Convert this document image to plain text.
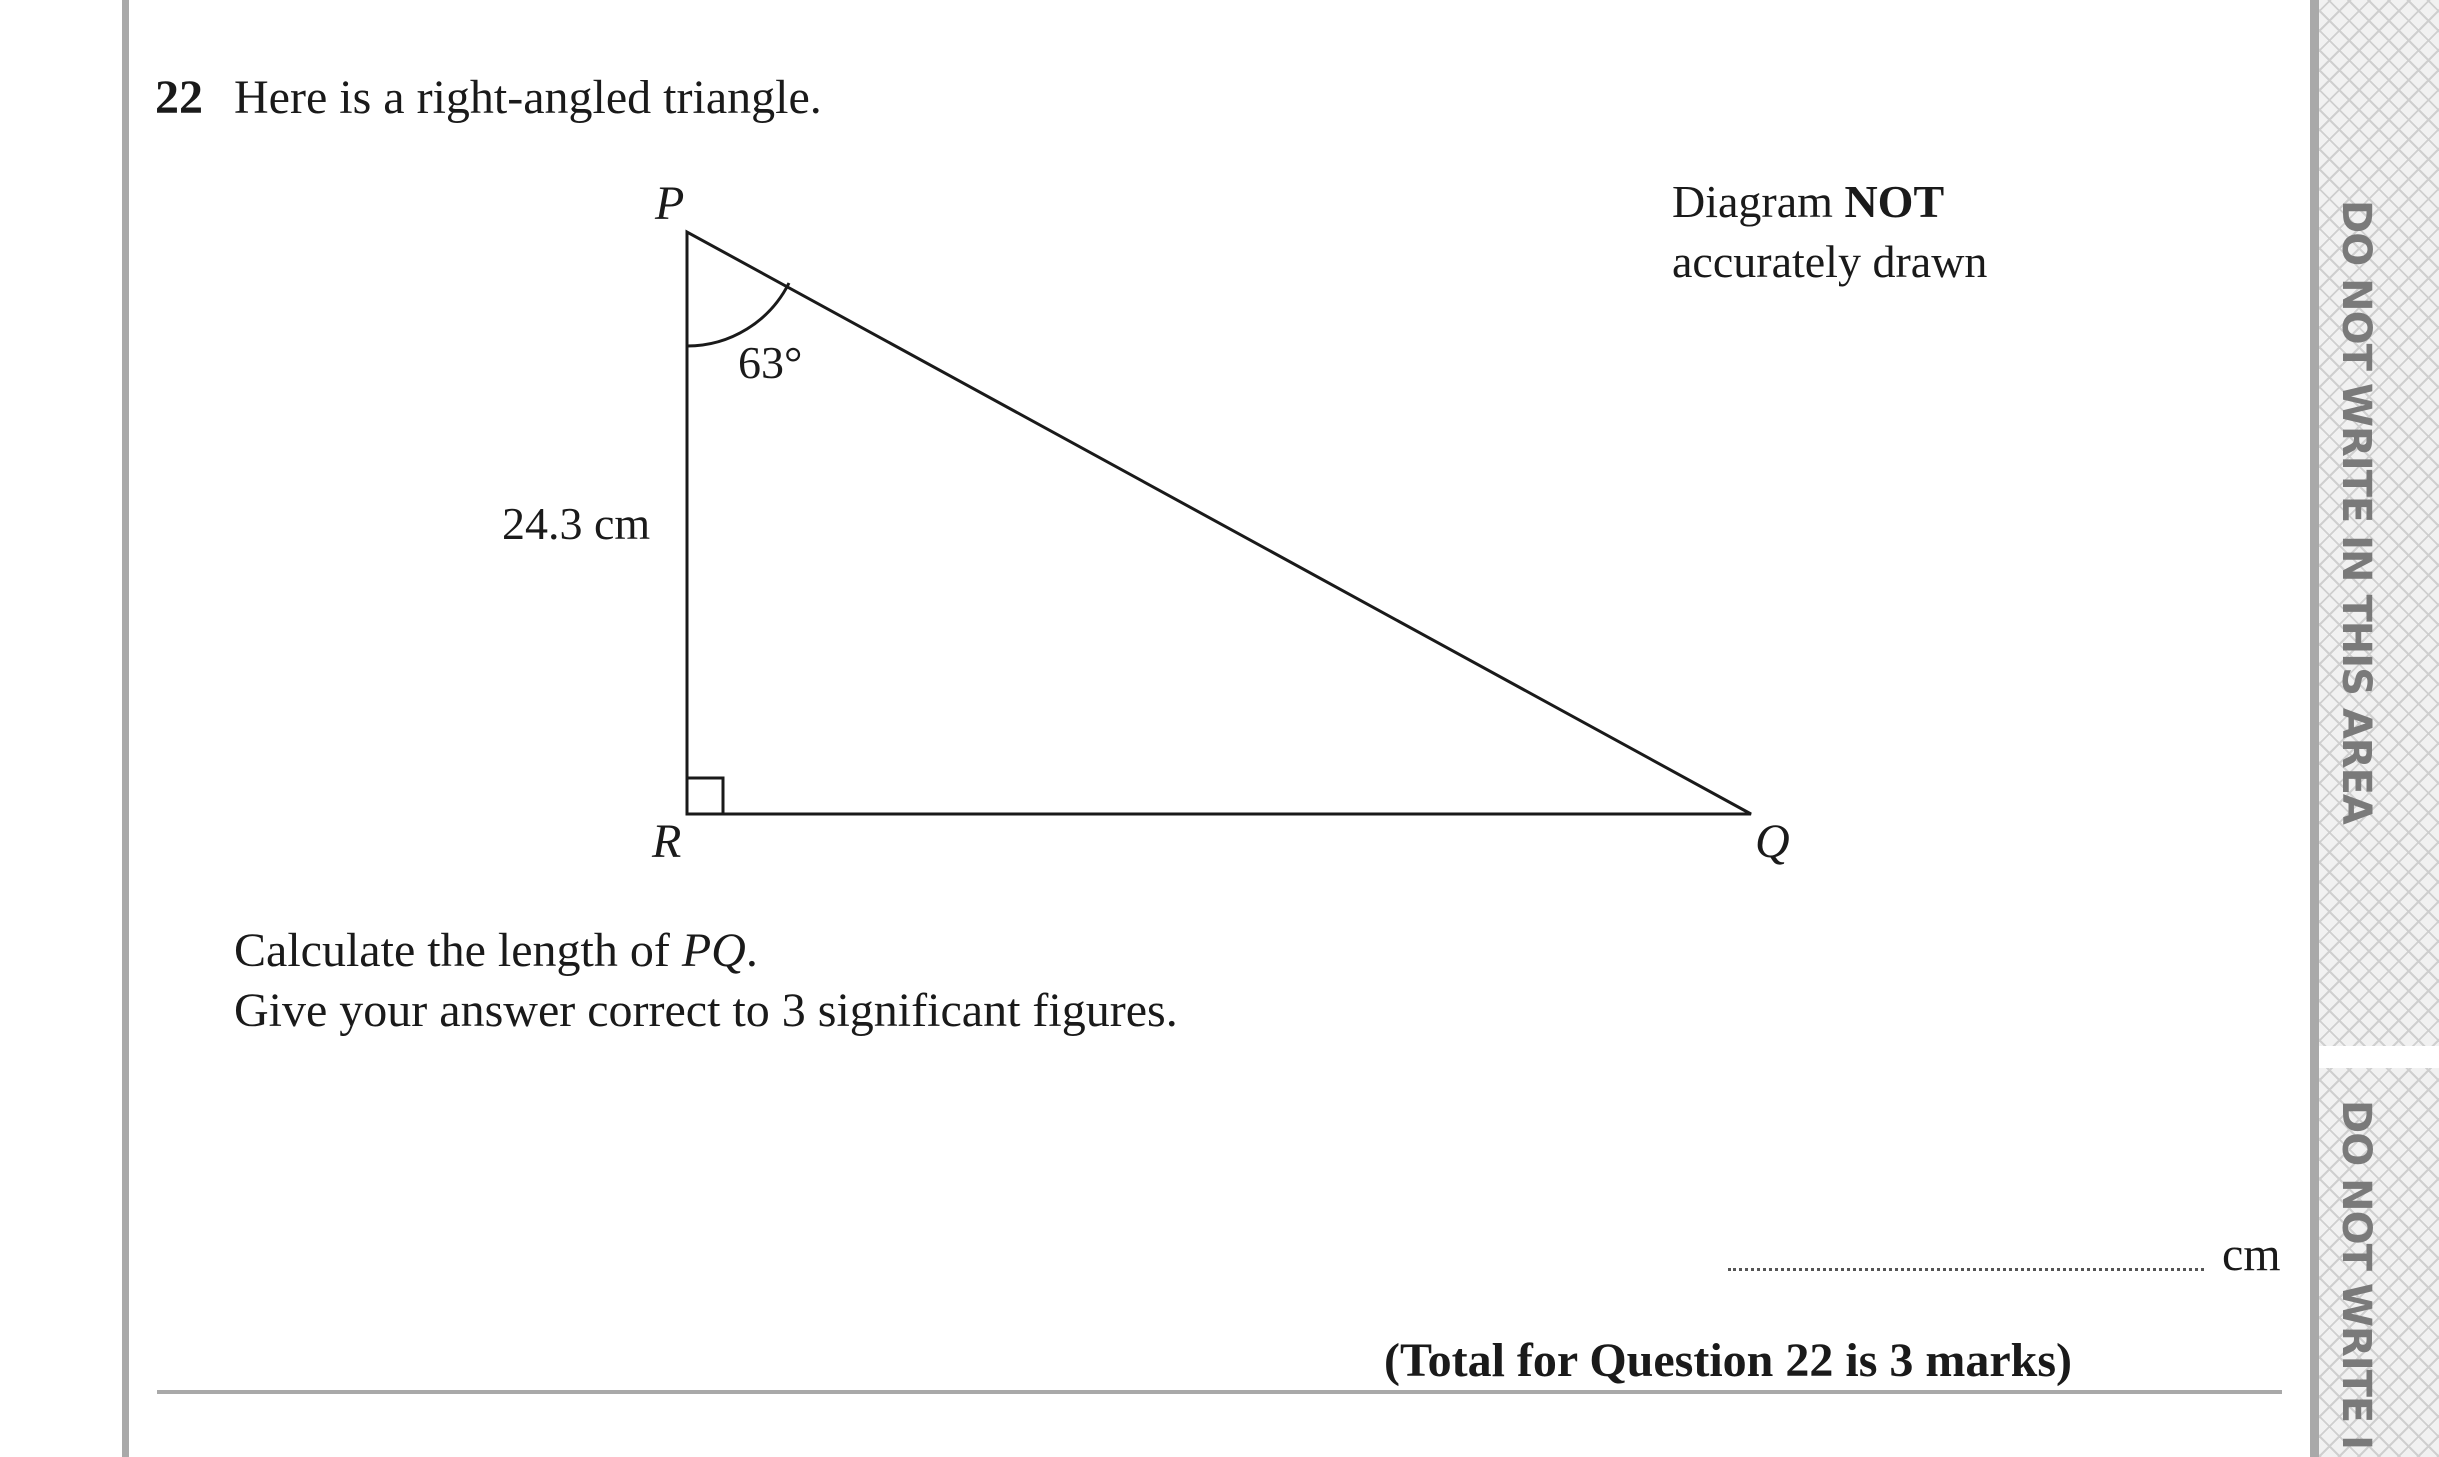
DO NOT WRITE IN THIS AREA
DO NOT WRITE I
22 Here is a right-angled triangle.
Diagram NOT
accurately drawn
P
R	Q
63°
24.3 cm
Calculate the length of PQ.
Give your answer correct to 3 significant figures.
cm
(Total for Question 22 is 3 marks)
